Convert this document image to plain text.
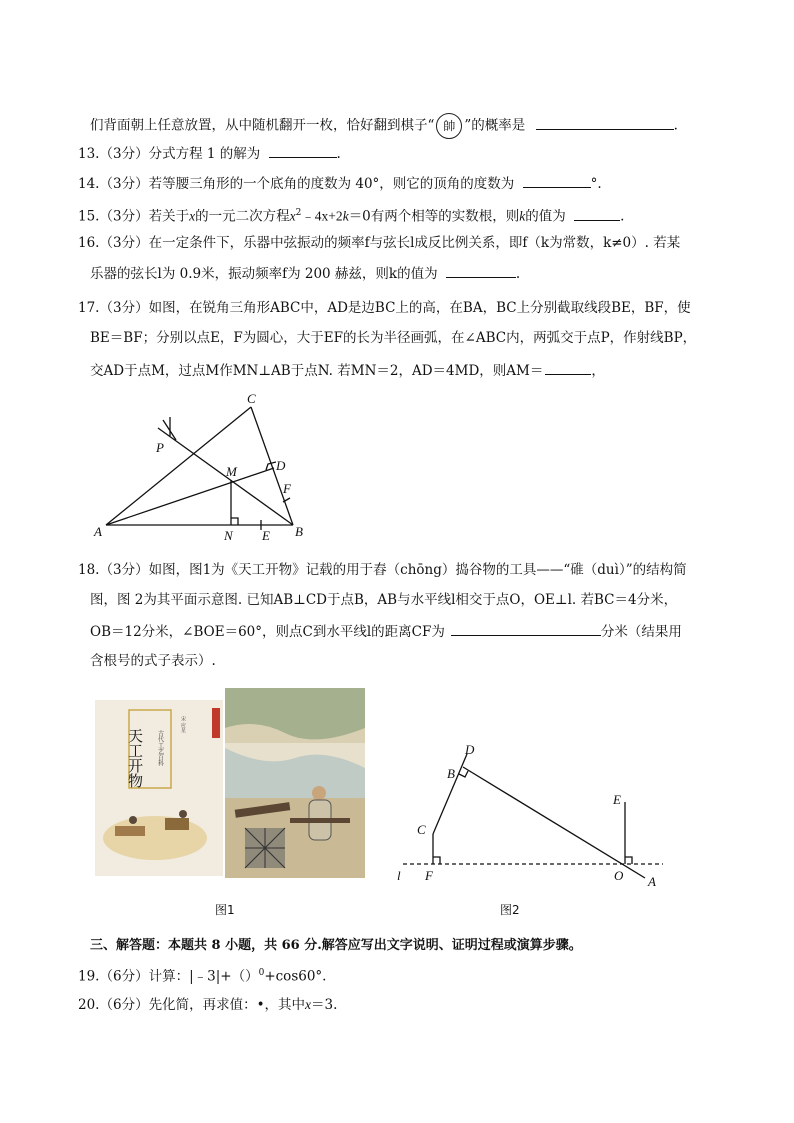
们背面朝上任意放置，从中随机翻开一枚，恰好翻到棋子“ 帥 ”的概率是	.
13.（3分）分式方程 1 的解为	.
14.（3分）若等腰三角形的一个底角的度数为 40°，则它的顶角的度数为	°.
15.（3分）若关于x的一元二次方程$x^2﹣4x+2k=0$有两个相等的实数根，则k的值为	.
16.（3分）在一定条件下，乐器中弦振动的频率f与弦长l成反比例关系，即f（k为常数，k≠0）. 若某
乐器的弦长l为 0.9米，振动频率f为 200 赫兹，则k的值为	.
17.（3分）如图，在锐角三角形ABC中，AD是边BC上的高，在BA，BC上分别截取线段BE，BF，使
BE＝BF；分别以点E，F为圆心，大于EF的长为半径画弧，在∠ABC内，两弧交于点P，作射线BP，
交AD于点M，过点M作MN⊥AB于点N. 若MN＝2，AD＝4MD，则AM＝	，
A	B
C
D
E
F
M
N
P
18.（3分）如图，图1为《天工开物》记载的用于舂（chōng）捣谷物的工具——“碓（duì）”的结构简
图，图 2为其平面示意图. 已知AB⊥CD于点B，AB与水平线l相交于点O，OE⊥l. 若BC＝4分米，
OB＝12分米，∠BOE＝60°，则点C到水平线l的距离CF为	分米（结果用
含根号的式子表示）.
天工开物 古代工艺百科
宋 应星
D
B
C
E
F	O A
l
图1	图2
三、解答题：本题共 8 小题，共 66 分.解答应写出文字说明、证明过程或演算步骤。
19.（6分）计算：|﹣3|+（）$^0$+cos60°.
20.（6分）先化简，再求值：•，其中x＝3.
